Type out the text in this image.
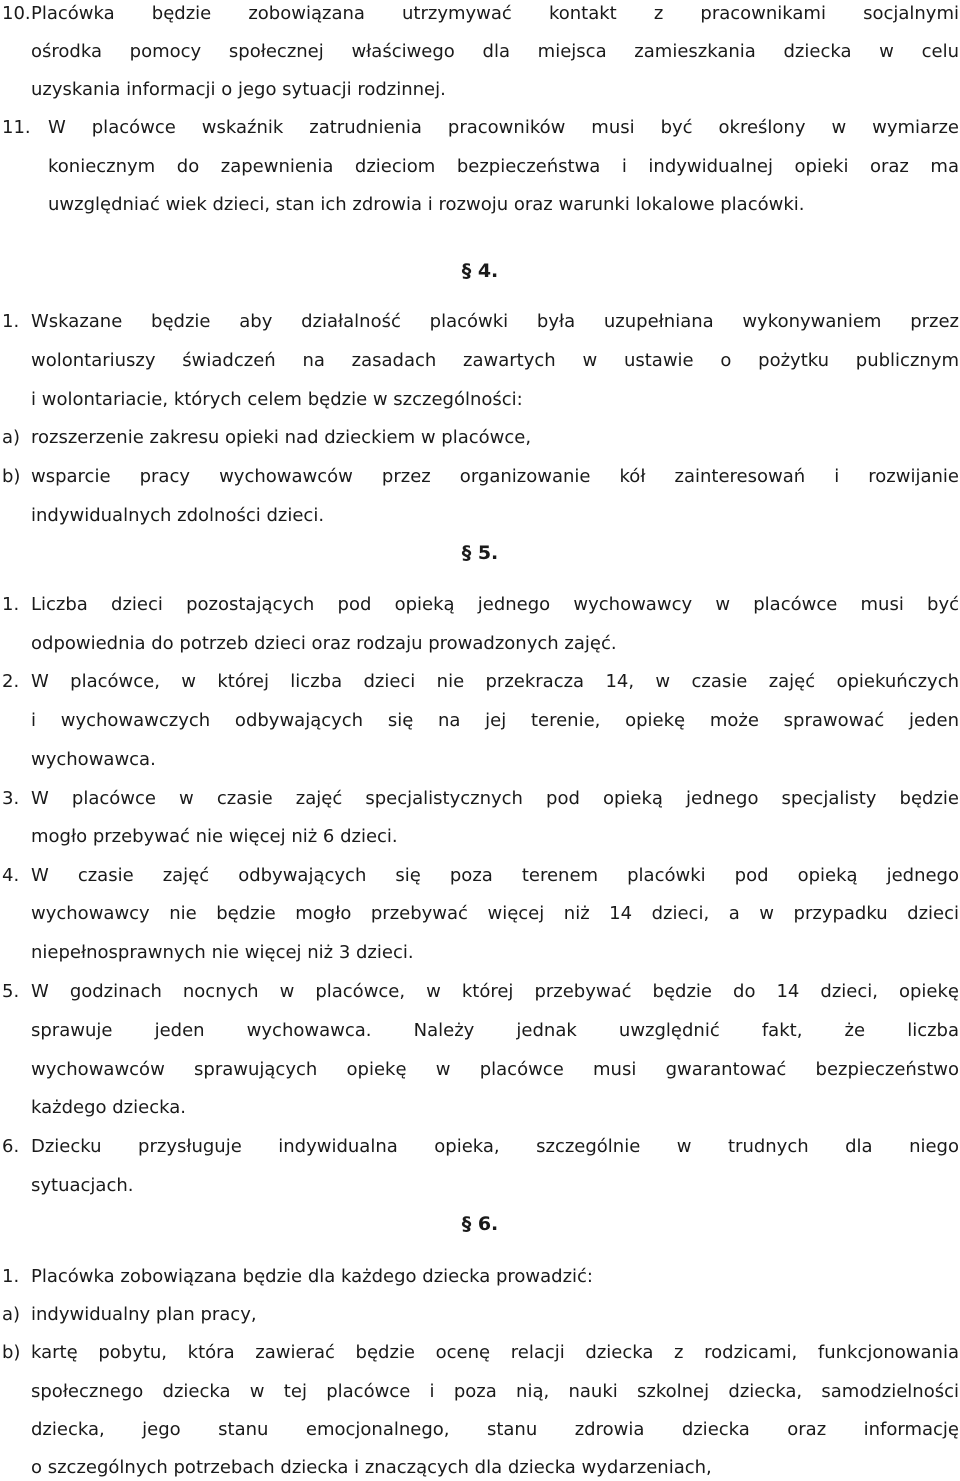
10. Placówka będzie zobowiązana utrzymywać kontakt z pracownikami socjalnymi
ośrodka pomocy społecznej właściwego dla miejsca zamieszkania dziecka w celu
uzyskania informacji o jego sytuacji rodzinnej.
11. W placówce wskaźnik zatrudnienia pracowników musi być określony w wymiarze
koniecznym do zapewnienia dzieciom bezpieczeństwa i indywidualnej opieki oraz ma
uwzględniać wiek dzieci, stan ich zdrowia i rozwoju oraz warunki lokalowe placówki.
§ 4.
1. Wskazane będzie aby działalność placówki była uzupełniana wykonywaniem przez
wolontariuszy świadczeń na zasadach zawartych w ustawie o pożytku publicznym
i wolontariacie, których celem będzie w szczególności:
a) rozszerzenie zakresu opieki nad dzieckiem w placówce,
b) wsparcie pracy wychowawców przez organizowanie kół zainteresowań i rozwijanie
indywidualnych zdolności dzieci.
§ 5.
1. Liczba dzieci pozostających pod opieką jednego wychowawcy w placówce musi być
odpowiednia do potrzeb dzieci oraz rodzaju prowadzonych zajęć.
2. W placówce, w której liczba dzieci nie przekracza 14, w czasie zajęć opiekuńczych
i wychowawczych odbywających się na jej terenie, opiekę może sprawować jeden
wychowawca.
3. W placówce w czasie zajęć specjalistycznych pod opieką jednego specjalisty będzie
mogło przebywać nie więcej niż 6 dzieci.
4. W czasie zajęć odbywających się poza terenem placówki pod opieką jednego
wychowawcy nie będzie mogło przebywać więcej niż 14 dzieci, a w przypadku dzieci
niepełnosprawnych nie więcej niż 3 dzieci.
5. W godzinach nocnych w placówce, w której przebywać będzie do 14 dzieci, opiekę
sprawuje jeden wychowawca. Należy jednak uwzględnić fakt, że liczba
wychowawców sprawujących opiekę w placówce musi gwarantować bezpieczeństwo
każdego dziecka.
6. Dziecku przysługuje indywidualna opieka, szczególnie w trudnych dla niego
sytuacjach.
§ 6.
1. Placówka zobowiązana będzie dla każdego dziecka prowadzić:
a) indywidualny plan pracy,
b) kartę pobytu, która zawierać będzie ocenę relacji dziecka z rodzicami, funkcjonowania
społecznego dziecka w tej placówce i poza nią, nauki szkolnej dziecka, samodzielności
dziecka, jego stanu emocjonalnego, stanu zdrowia dziecka oraz informację
o szczególnych potrzebach dziecka i znaczących dla dziecka wydarzeniach,
